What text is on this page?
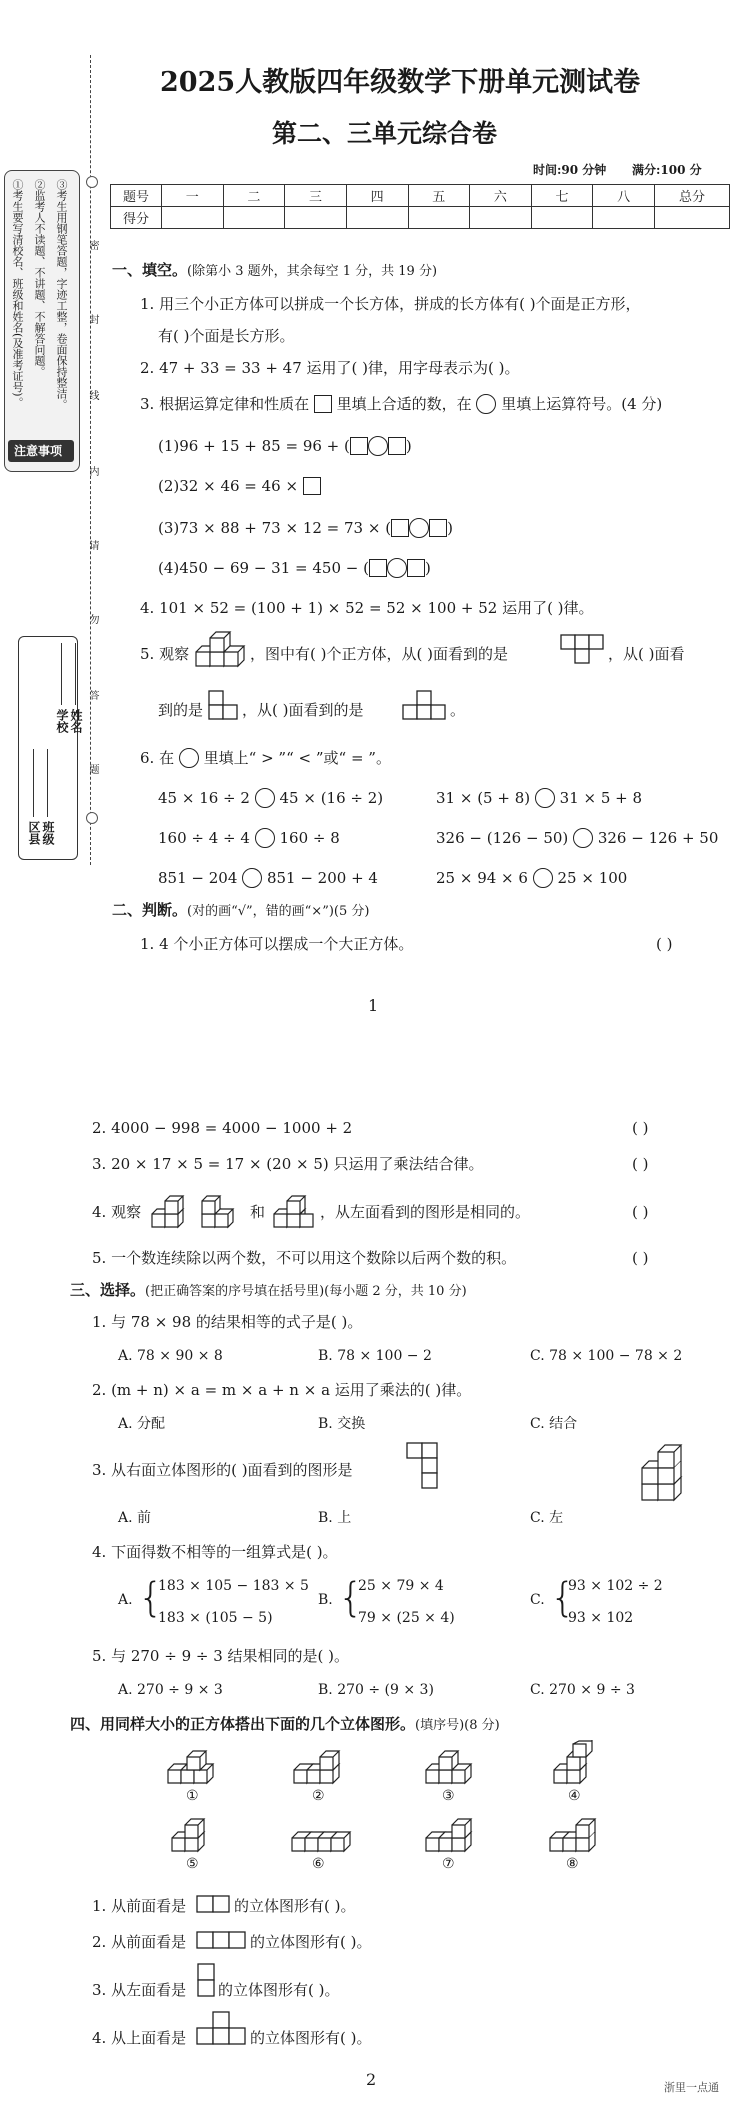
2025人教版四年级数学下册单元测试卷
第二、三单元综合卷
时间:90 分钟 满分:100 分
题号	一	二	三	四	五	六	七	八	总分
得分									
①考生要写清校名、班级和姓名(及准考证号)。 ②监考人不读题、不讲题、不解答问题。 ③考生用钢笔答题，字迹工整，卷面保持整洁。
注意事项
密
封
线
内
请
勿
答
题
区县
学校
班级
姓名
一、填空。(除第小 3 题外，其余每空 1 分，共 19 分)
1. 用三个小正方体可以拼成一个长方体，拼成的长方体有( )个面是正方形，
有( )个面是长方形。
2. 47 + 33 = 33 + 47 运用了( )律，用字母表示为( )。
3. 根据运算定律和性质在 里填上合适的数，在 里填上运算符号。(4 分)
(1)96 + 15 + 85 = 96 + (	)
(2)32 × 46 = 46 ×
(3)73 × 88 + 73 × 12 = 73 × (	)
(4)450 − 69 − 31 = 450 − (	)
4. 101 × 52 = (100 + 1) × 52 = 52 × 100 + 52 运用了( )律。
5. 观察	，图中有( )个正方体，从( )面看到的是	，从( )面看
到的是	，从( )面看到的是	。
6. 在 里填上“ > ”“ < ”或“ = ”。
45 × 16 ÷ 2 45 × (16 ÷ 2)	31 × (5 + 8) 31 × 5 + 8
160 ÷ 4 ÷ 4 160 ÷ 8	326 − (126 − 50) 326 − 126 + 50
851 − 204 851 − 200 + 4	25 × 94 × 6 25 × 100
二、判断。(对的画“√”，错的画“×”)(5 分)
1. 4 个小正方体可以摆成一个大正方体。	( )
1
2. 4000 − 998 = 4000 − 1000 + 2	( )
3. 20 × 17 × 5 = 17 × (20 × 5) 只运用了乘法结合律。	( )
4. 观察	和	，从左面看到的图形是相同的。	( )
5. 一个数连续除以两个数，不可以用这个数除以后两个数的积。	( )
三、选择。(把正确答案的序号填在括号里)(每小题 2 分，共 10 分)
1. 与 78 × 98 的结果相等的式子是( )。
A. 78 × 90 × 8	B. 78 × 100 − 2	C. 78 × 100 − 78 × 2
2. (m + n) × a = m × a + n × a 运用了乘法的( )律。
A. 分配	B. 交换	C. 结合
3. 从右面立体图形的( )面看到的图形是
A. 前	B. 上	C. 左
4. 下面得数不相等的一组算式是( )。
A. {
183 × 105 − 183 × 5
183 × (105 − 5)
B. {
25 × 79 × 4
79 × (25 × 4)
C. {
93 × 102 ÷ 2
93 × 102
5. 与 270 ÷ 9 ÷ 3 结果相同的是( )。
A. 270 ÷ 9 × 3	B. 270 ÷ (9 × 3)	C. 270 × 9 ÷ 3
四、用同样大小的正方体搭出下面的几个立体图形。(填序号)(8 分)
①	②	③	④
⑤	⑥	⑦	⑧
1. 从前面看是	的立体图形有( )。
2. 从前面看是	的立体图形有( )。
3. 从左面看是 的立体图形有( )。
4. 从上面看是	的立体图形有( )。
2	浙里一点通
